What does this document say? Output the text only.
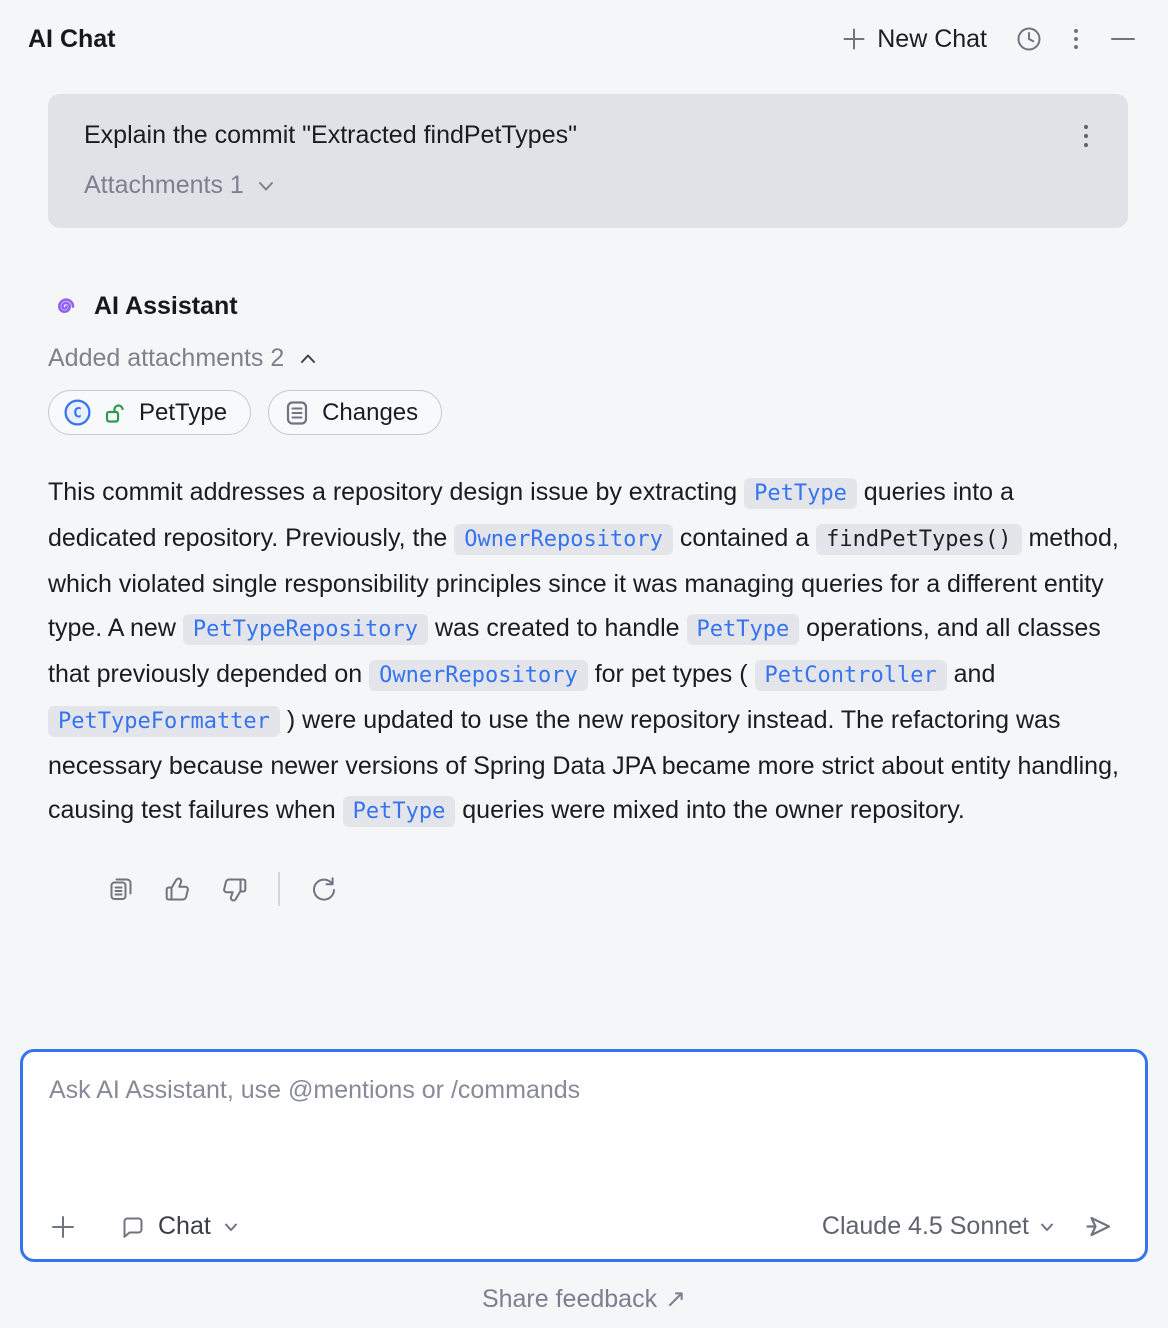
AI Chat	New Chat
Explain the commit "Extracted findPetTypes"
Attachments 1
AI Assistant
Added attachments 2
C PetType	Changes
This commit addresses a repository design issue by extracting PetType queries into a dedicated repository. Previously, the OwnerRepository contained a findPetTypes() method, which violated single responsibility principles since it was managing queries for a different entity type. A new PetTypeRepository was created to handle PetType operations, and all classes that previously depended on OwnerRepository for pet types ( PetController and PetTypeFormatter ) were updated to use the new repository instead. The refactoring was necessary because newer versions of Spring Data JPA became more strict about entity handling, causing test failures when PetType queries were mixed into the owner repository.
Ask AI Assistant, use @mentions or /commands
Chat	Claude 4.5 Sonnet
Share feedback ↗
